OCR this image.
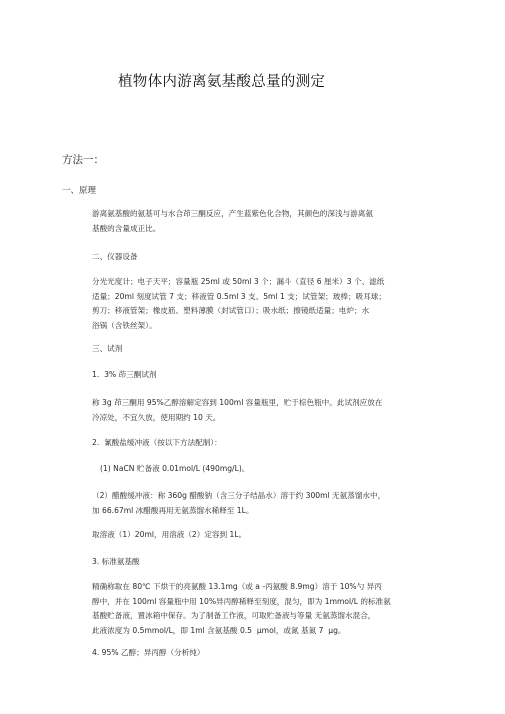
植物体内游离氨基酸总量的测定
方法一：
一、原理
游离氨基酸的氨基可与水合茚三酮反应，产生蓝紫色化合物，其颜色的深浅与游离氨
基酸的含量成正比。
二、仪器设备
分光光度计；电子天平；容量瓶 25ml 或 50ml 3 个；漏斗（直径 6 厘米）3 个、滤纸
适量；20ml 刻度试管 7 支；移液管 0.5ml 3 支、5ml 1 支；试管架；玻棒；吸耳球；
剪刀；移液管架；橡皮筋、塑料薄膜（封试管口）；吸水纸；擦镜纸适量；电炉；水
浴锅（含铁丝架）。
三、试剂
1.  3% 茚三酮试剂
称 3g 茚三酮用 95%乙醇溶解定容到 100ml 容量瓶里，贮于棕色瓶中。此试剂应放在
冷凉处，不宜久放，使用期约 10 天。
2.  氰酸盐缓冲液（按以下方法配制）：
(1) NaCN 贮备液 0.01mol/L (490mg/L)。
（2）醋酸缓冲液：称 360g 醋酸钠（含三分子结晶水）溶于约 300ml 无氨蒸馏水中，
加 66.67ml 冰醋酸再用无氨蒸馏水稀释至 1L。
取溶液（1）20ml，用溶液（2）定容到 1L。
3. 标准氨基酸
精确称取在 80℃ 下烘干的亮氨酸 13.1mg（或 a -丙氨酸 8.9mg）溶于 10%勺 异丙
醇中，并在 100ml 容量瓶中用 10%异丙醇稀释至刻度，混匀，即为 1mmol/L 的标准氨
基酸贮备液，置冰箱中保存。为了制备工作液，可取贮备液与等量 无氨蒸馏水混合，
此液浓度为 0.5mmol/L，即 1ml 含氨基酸 0.5  μmol，或氮 基氮 7  μg。
4. 95% 乙醇；异丙醇（分析纯）
